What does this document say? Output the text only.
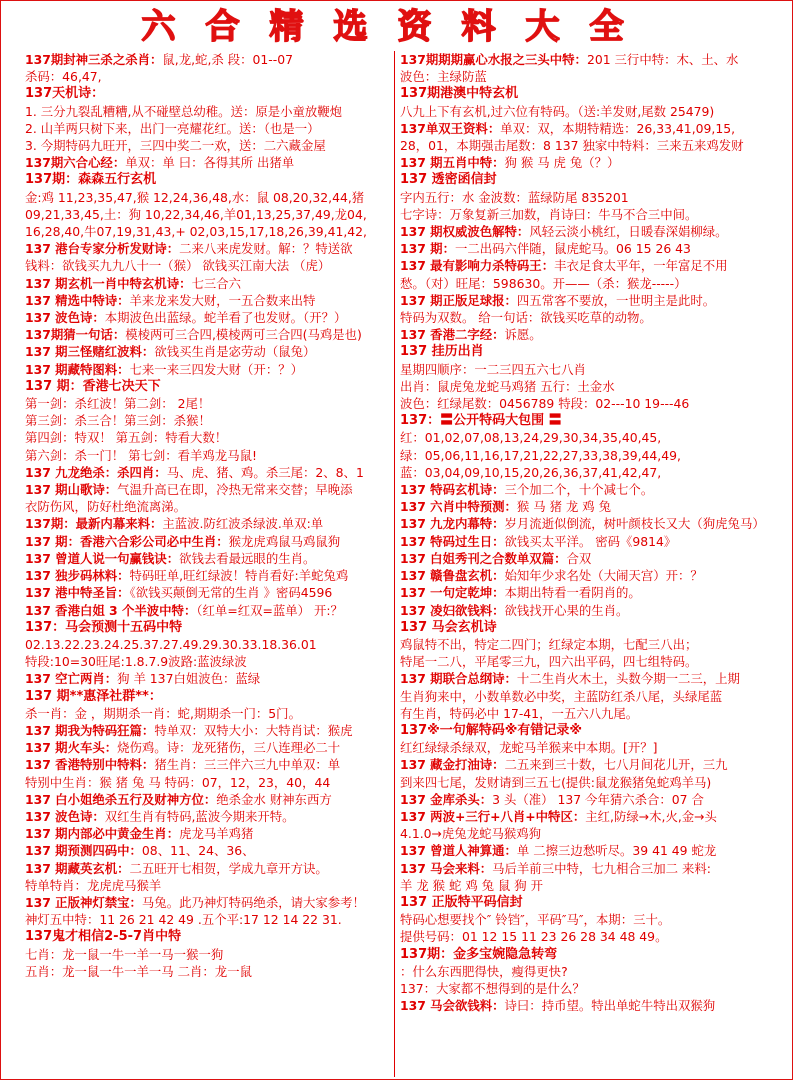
六合精选资料大全
137期封神三杀之杀肖：鼠,龙,蛇,杀 段：01--07
杀码：46,47,
137天机诗：
1. 三分九裂乱糟糟,从不碰壁总幼稚。送：原是小童放鞭炮
2. 山羊两只树下来，出门一亮耀花红。送：（也是一）
3. 今期特码九旺开，三四中奖二一欢，送：二六藏金屋
137期六合心经：单双：单 曰：各得其所 出猪单
137期：森森五行玄机
金:鸡 11,23,35,47,猴 12,24,36,48,水：鼠 08,20,32,44,猪
09,21,33,45,土：狗 10,22,34,46,羊01,13,25,37,49,龙04,
16,28,40,牛07,19,31,43,+ 02,03,15,17,18,26,39,41,42,
137 港台专家分析发财诗：二来八来虎发财。解：？特送欲
钱料：欲钱买九九八十一（猴） 欲钱买江南大法 （虎）
137 期玄机一肖中特玄机诗：七三合六
137 精选中特诗：羊来龙来发大财，一五合数来出特
137 波色诗：本期波色出蓝绿。蛇羊看了也发财。（开？）
137期猜一句话：模棱两可三合四,模棱两可三合四(马鸡是也)
137 期三怪赌红波料：欲钱买生肖是宓劳动（鼠兔）
137 期藏特图料：七来一来三四发大财（开：？）
137 期：香港七决天下
第一剑：杀红波！第二剑： 2尾！
第三剑：杀三合！第三剑：杀猴！
第四剑：特双！ 第五剑：特看大数！
第六剑：杀一门！ 第七剑：看羊鸡龙马鼠!
137 九龙绝杀：杀四肖：马、虎、猪、鸡。杀三尾：2、8、1
137 期山歌诗：气温升高已在即，冷热无常来交替；早晚添
衣防伤风，防好杜绝流离涕。
137期：最新内幕来料：主蓝波.防红波杀绿波.单双:单
137 期：香港六合彩公司必中生肖：猴龙虎鸡鼠马鸡鼠狗
137 曾道人说一句赢钱诀：欲钱去看最远眼的生肖。
137 独步码林料：特码旺单,旺红绿波！特肖看好:羊蛇兔鸡
137 港中特圣旨：《欲钱买颠倒无常的生肖 》密码4596
137 香港白姐 3 个半波中特：（红单=红双=蓝单） 开:？
137：马会预测十五码中特
02.13.22.23.24.25.37.27.49.29.30.33.18.36.01
特段:10=30旺尾:1.8.7.9波路:蓝波绿波
137 空亡两肖：狗 羊 137白姐波色：蓝绿
137 期**惠泽社群**：
杀一肖：金 ，期期杀一肖：蛇,期期杀一门：5门。
137 期我为特码狂篇：特单双：双特大小：大特肖试：猴虎
137 期火车头：烧伤鸡。诗：龙死猪伤，三八连理必二十
137 香港特别中特料：猪生肖：三三伴六三九中单双：单
特别中生肖：猴 猪 兔 马 特码：07，12，23，40，44
137 白小姐绝杀五行及财神方位：绝杀金水 财神东西方
137 波色诗：双红生肖有特码,蓝波今期来开特。
137 期内部必中黄金生肖：虎龙马羊鸡猪
137 期预测四码中：08、11、24、36、
137 期藏英玄机：二五旺开七相贺，学成九章开方诀。
特单特肖：龙虎虎马猴羊
137 正版神灯禁宝：马兔。此乃神灯特码绝杀，请大家参考！
神灯五中特：11 26 21 42 49 .五个平:17 12 14 22 31.
137鬼才相信2-5-7肖中特
七肖：龙一鼠一牛一羊一马一猴一狗
五肖：龙一鼠一牛一羊一马 二肖：龙一鼠
137期期期赢心水报之三头中特：201 三行中特：木、土、水
波色：主绿防蓝
137期港澳中特玄机
八九上下有玄机,过六位有特码。（送:羊发财,尾数 25479)
137单双王资料：单双：双，本期特精选：26,33,41,09,15,
28，01，本期强击尾数：8 137 独家中特料：三来五来鸡发财
137 期五肖中特：狗 猴 马 虎 兔（？）
137 透密函信封
字内五行：水 金波数：蓝绿防尾 835201
七字诗：万象复新三加数，肖诗曰：牛马不合三中间。
137 期权威波色解特：风轻云淡小桃红，日暖春深娟柳绿。
137 期：一二出码六伴随，鼠虎蛇马。06 15 26 43
137 最有影响力杀特码王：丰衣足食太平年，一年富足不用
愁。（对）旺尾：598630。开——（杀：猴龙-----）
137 期正版足球报：四五常客不要放，一世明主是此时。
特码为双数。 给一句话：欲钱买吃草的动物。
137 香港二字经：诉愿。
137 挂历出肖
星期四顺序：一二三四五六七八肖
出肖：鼠虎兔龙蛇马鸡猪 五行：土金水
波色：红绿尾数：0456789 特段：02---10 19---46
137：〓公开特码大包围 〓
红：01,02,07,08,13,24,29,30,34,35,40,45,
绿：05,06,11,16,17,21,22,27,33,38,39,44,49,
蓝：03,04,09,10,15,20,26,36,37,41,42,47,
137 特码玄机诗：三个加二个，十个减七个。
137 六肖中特预测：猴 马 猪 龙 鸡 兔
137 九龙内幕特：岁月流逝似倒流，树叶颜枝长又大（狗虎兔马）
137 特码过生日：欲钱买太平洋。 密码《9814》
137 白姐秀刊之合数单双篇：合双
137 赣鲁盘玄机：始知年少求名处（大闹天宫）开：？
137 一句定乾坤：本期出特看一看阴肖的。
137 凌妇欲钱料：欲钱找开心果的生肖。
137 马会玄机诗
鸡鼠特不出，特定二四门；红绿定本期，七配三八出；
特尾一二八，平尾零三九，四六出平码，四七组特码。
137 期联合总纲诗：十二生肖火木土，头数今期一二三，上期
生肖狗来中，小数单数必中奖，主蓝防红杀八尾，头绿尾蓝
有生肖，特码必中 17-41，一五六八九尾。
137※一句解特码※有错记录※
红红绿绿杀绿双，龙蛇马羊猴来中本期。[开？]
137 藏金打油诗：二五来到三十数，七八月间花儿开，三九
到来四七尾，发财请到三五七(提供:鼠龙猴猪兔蛇鸡羊马)
137 金库杀头：3 头（准） 137 今年猜六杀合：07 合
137 两波+三行+八肖+中特区：主红,防绿→木,火,金→头
4.1.0→虎兔龙蛇马猴鸡狗
137 曾道人神算通：单 二擦三边愁听尽。39 41 49 蛇龙
137 马会来料：马后羊前三中特，七九相合三加二 来料:
羊 龙 猴 蛇 鸡 兔 鼠 狗 开
137 正版特平码信封
特码心想要找个″ 铃铛″，平码″马″，本期：三十。
提供号码：01 12 15 11 23 26 28 34 48 49。
137期：金多宝婉隐急转弯
：什么东西肥得快，瘦得更快?
137：大家都不想得到的是什么？
137 马会欲钱料：诗曰：持币望。特出单蛇牛特出双猴狗
